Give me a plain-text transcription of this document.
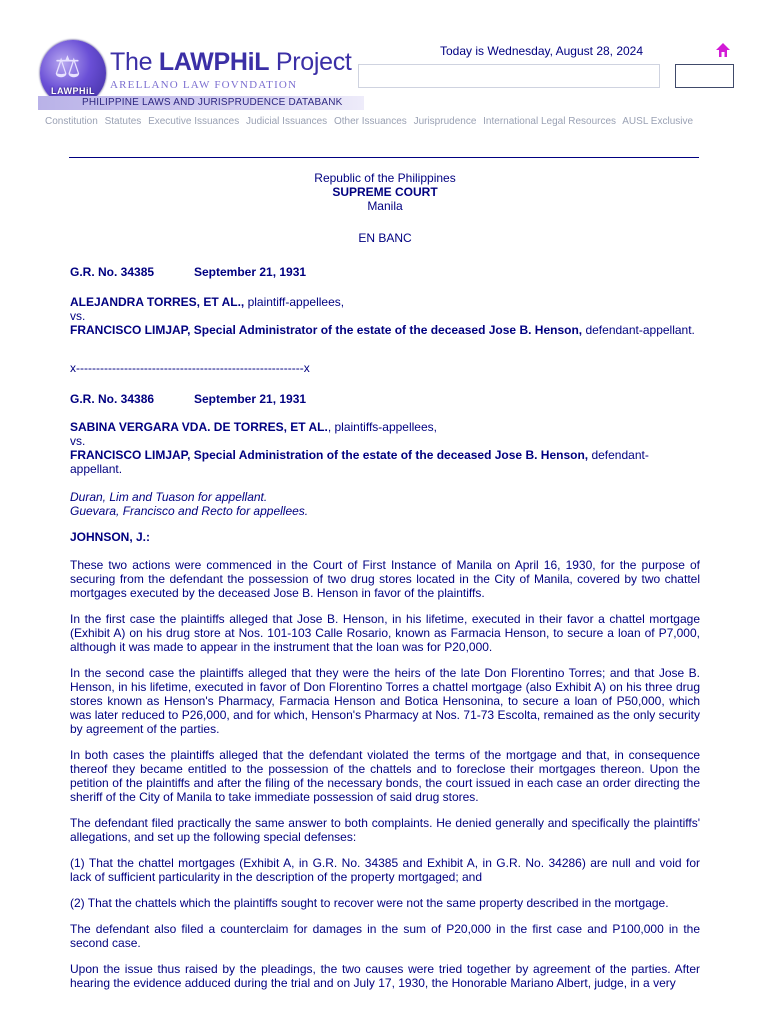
⚖
LAWPHiL
The LAWPHiL Project
ARELLANO LAW FOVNDATION
PHILIPPINE LAWS AND JURISPRUDENCE DATABANK
Today is Wednesday, August 28, 2024
Constitution Statutes Executive Issuances Judicial Issuances Other Issuances Jurisprudence International Legal Resources AUSL Exclusive
Republic of the Philippines
SUPREME COURT
Manila
EN BANC
G.R. No. 34385	September 21, 1931
ALEJANDRA TORRES, ET AL., plaintiff-appellees,
vs.
FRANCISCO LIMJAP, Special Administrator of the estate of the deceased Jose B. Henson, defendant-appellant.
x---------------------------------------------------------x
G.R. No. 34386	September 21, 1931
SABINA VERGARA VDA. DE TORRES, ET AL., plaintiffs-appellees,
vs.
FRANCISCO LIMJAP, Special Administration of the estate of the deceased Jose B. Henson, defendant-appellant.
Duran, Lim and Tuason for appellant.
Guevara, Francisco and Recto for appellees.
JOHNSON, J.:

These two actions were commenced in the Court of First Instance of Manila on April 16, 1930, for the purpose of securing from the defendant the possession of two drug stores located in the City of Manila, covered by two chattel mortgages executed by the deceased Jose B. Henson in favor of the plaintiffs.

In the first case the plaintiffs alleged that Jose B. Henson, in his lifetime, executed in their favor a chattel mortgage (Exhibit A) on his drug store at Nos. 101-103 Calle Rosario, known as Farmacia Henson, to secure a loan of P7,000, although it was made to appear in the instrument that the loan was for P20,000.

In the second case the plaintiffs alleged that they were the heirs of the late Don Florentino Torres; and that Jose B. Henson, in his lifetime, executed in favor of Don Florentino Torres a chattel mortgage (also Exhibit A) on his three drug stores known as Henson's Pharmacy, Farmacia Henson and Botica Hensonina, to secure a loan of P50,000, which was later reduced to P26,000, and for which, Henson's Pharmacy at Nos. 71-73 Escolta, remained as the only security by agreement of the parties.

In both cases the plaintiffs alleged that the defendant violated the terms of the mortgage and that, in consequence thereof they became entitled to the possession of the chattels and to foreclose their mortgages thereon. Upon the petition of the plaintiffs and after the filing of the necessary bonds, the court issued in each case an order directing the sheriff of the City of Manila to take immediate possession of said drug stores.

The defendant filed practically the same answer to both complaints. He denied generally and specifically the plaintiffs' allegations, and set up the following special defenses:

(1) That the chattel mortgages (Exhibit A, in G.R. No. 34385 and Exhibit A, in G.R. No. 34286) are null and void for lack of sufficient particularity in the description of the property mortgaged; and

(2) That the chattels which the plaintiffs sought to recover were not the same property described in the mortgage.

The defendant also filed a counterclaim for damages in the sum of P20,000 in the first case and P100,000 in the second case.

Upon the issue thus raised by the pleadings, the two causes were tried together by agreement of the parties. After hearing the evidence adduced during the trial and on July 17, 1930, the Honorable Mariano Albert, judge, in a very
